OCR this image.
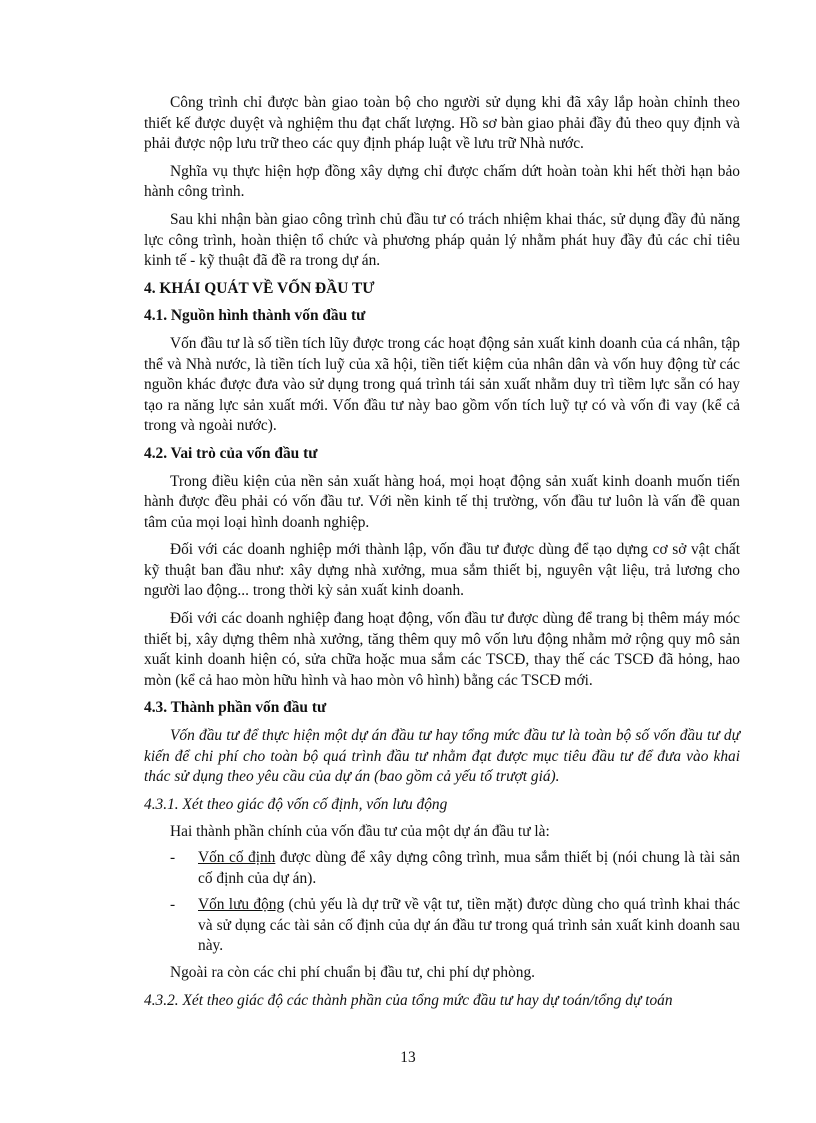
Công trình chỉ được bàn giao toàn bộ cho người sử dụng khi đã xây lắp hoàn chỉnh theo thiết kế được duyệt và nghiệm thu đạt chất lượng. Hồ sơ bàn giao phải đầy đủ theo quy định và phải được nộp lưu trữ theo các quy định pháp luật về lưu trữ Nhà nước.

Nghĩa vụ thực hiện hợp đồng xây dựng chỉ được chấm dứt hoàn toàn khi hết thời hạn bảo hành công trình.

Sau khi nhận bàn giao công trình chủ đầu tư có trách nhiệm khai thác, sử dụng đầy đủ năng lực công trình, hoàn thiện tổ chức và phương pháp quản lý nhằm phát huy đầy đủ các chỉ tiêu kinh tế - kỹ thuật đã đề ra trong dự án.

4. KHÁI QUÁT VỀ VỐN ĐẦU TƯ

4.1. Nguồn hình thành vốn đầu tư

Vốn đầu tư là số tiền tích lũy được trong các hoạt động sản xuất kinh doanh của cá nhân, tập thể và Nhà nước, là tiền tích luỹ của xã hội, tiền tiết kiệm của nhân dân và vốn huy động từ các nguồn khác được đưa vào sử dụng trong quá trình tái sản xuất nhằm duy trì tiềm lực sẵn có hay tạo ra năng lực sản xuất mới. Vốn đầu tư này bao gồm vốn tích luỹ tự có và vốn đi vay (kể cả trong và ngoài nước).

4.2. Vai trò của vốn đầu tư

Trong điều kiện của nền sản xuất hàng hoá, mọi hoạt động sản xuất kinh doanh muốn tiến hành được đều phải có vốn đầu tư. Với nền kinh tế thị trường, vốn đầu tư luôn là vấn đề quan tâm của mọi loại hình doanh nghiệp.

Đối với các doanh nghiệp mới thành lập, vốn đầu tư được dùng để tạo dựng cơ sở vật chất kỹ thuật ban đầu như: xây dựng nhà xưởng, mua sắm thiết bị, nguyên vật liệu, trả lương cho người lao động... trong thời kỳ sản xuất kinh doanh.

Đối với các doanh nghiệp đang hoạt động, vốn đầu tư được dùng để trang bị thêm máy móc thiết bị, xây dựng thêm nhà xưởng, tăng thêm quy mô vốn lưu động nhằm mở rộng quy mô sản xuất kinh doanh hiện có, sửa chữa hoặc mua sắm các TSCĐ, thay thế các TSCĐ đã hỏng, hao mòn (kể cả hao mòn hữu hình và hao mòn vô hình) bằng các TSCĐ mới.

4.3. Thành phần vốn đầu tư

Vốn đầu tư để thực hiện một dự án đầu tư hay tổng mức đầu tư là toàn bộ số vốn đầu tư dự kiến để chi phí cho toàn bộ quá trình đầu tư nhằm đạt được mục tiêu đầu tư để đưa vào khai thác sử dụng theo yêu cầu của dự án (bao gồm cả yếu tố trượt giá).

4.3.1. Xét theo giác độ vốn cố định, vốn lưu động

Hai thành phần chính của vốn đầu tư của một dự án đầu tư là:

-	Vốn cố định được dùng để xây dựng công trình, mua sắm thiết bị (nói chung là tài sản cố định của dự án).
-	Vốn lưu động (chủ yếu là dự trữ về vật tư, tiền mặt) được dùng cho quá trình khai thác và sử dụng các tài sản cố định của dự án đầu tư trong quá trình sản xuất kinh doanh sau này.

Ngoài ra còn các chi phí chuẩn bị đầu tư, chi phí dự phòng.

4.3.2. Xét theo giác độ các thành phần của tổng mức đầu tư hay dự toán/tổng dự toán

13
